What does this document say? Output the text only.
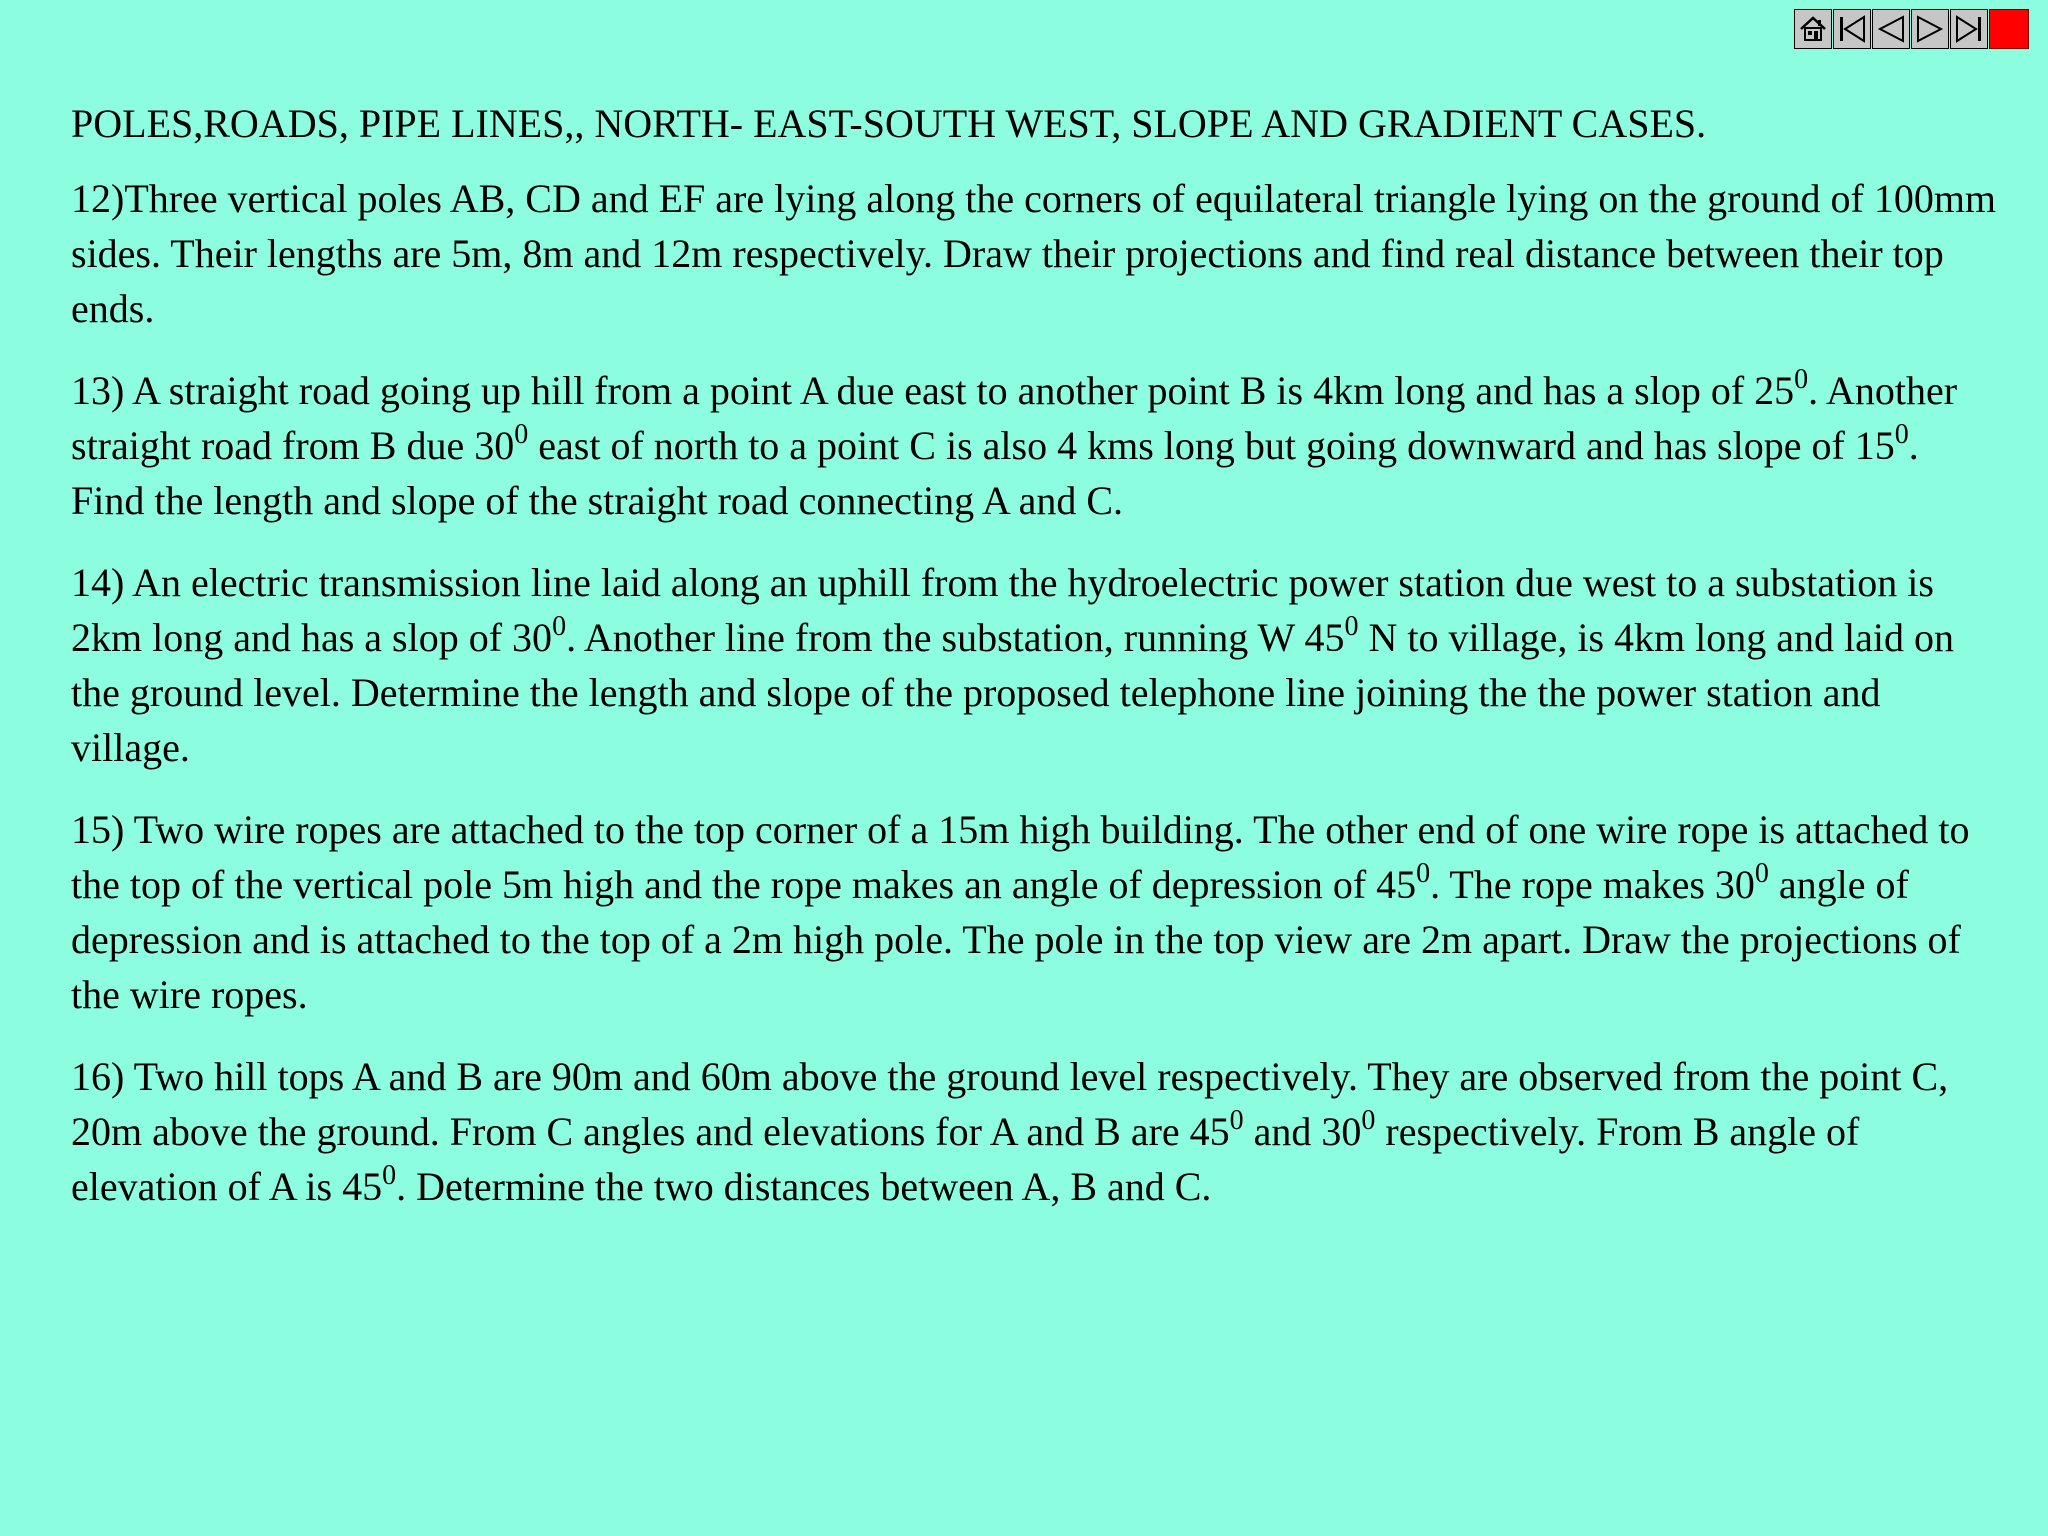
POLES,ROADS, PIPE LINES,, NORTH- EAST-SOUTH WEST, SLOPE AND GRADIENT CASES.
12)Three vertical poles AB, CD and EF are lying along the corners of equilateral triangle lying on the ground of 100mm sides. Their lengths are 5m, 8m and 12m respectively. Draw their projections and find real distance between their top ends.
13) A straight road going up hill from a point A due east to another point B is 4km long and has a slop of $25^0$. Another straight road from B due $30^0$ east of north to a point C is also 4 kms long but going downward and has slope of $15^0$. Find the length and slope of the straight road connecting A and C.
14) An electric transmission line laid along an uphill from the hydroelectric power station due west to a substation is 2km long and has a slop of $30^0$. Another line from the substation, running W $45^0$ N to village, is 4km long and laid on the ground level. Determine the length and slope of the proposed telephone line joining the the power station and village.
15) Two wire ropes are attached to the top corner of a 15m high building. The other end of one wire rope is attached to the top of the vertical pole 5m high and the rope makes an angle of depression of $45^0$. The rope makes $30^0$ angle of depression and is attached to the top of a 2m high pole. The pole in the top view are 2m apart. Draw the projections of the wire ropes.
16) Two hill tops A and B are 90m and 60m above the ground level respectively. They are observed from the point C, 20m above the ground. From C angles and elevations for A and B are $45^0$ and $30^0$ respectively. From B angle of elevation of A is $45^0$. Determine the two distances between A, B and C.
